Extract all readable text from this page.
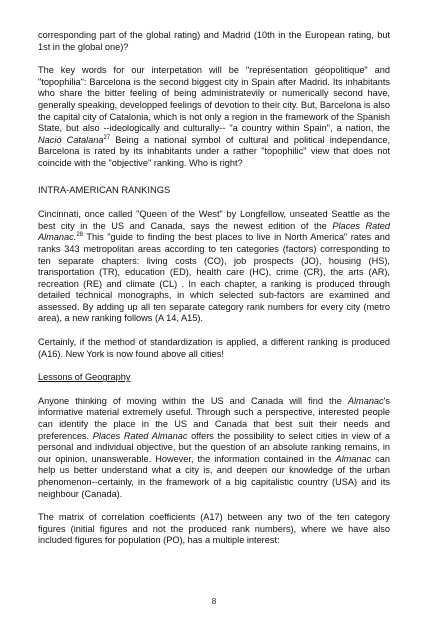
corresponding part of the global rating) and Madrid (10th in the European rating, but 1st in the global one)?

The key words for our interpetation will be "représentation géopolitique" and "topophilia": Barcelona is the second biggest city in Spain after Madrid. Its inhabitants who share the bitter feeling of being administratevily or numerically second have, generally speaking, developped feelings of devotion to their city. But, Barcelona is also the capital city of Catalonia, which is not only a region in the framework of the Spanish State, but also --ideologically and culturally-- "a country within Spain", a nation, the Nació Catalana$^{27}$ Being a national symbol of cultural and political independance, Barcelona is rated by its inhabitants under a rather "topophilic" view that does not coincide with the "objective" ranking. Who is right?

INTRA-AMERICAN RANKINGS

Cincinnati, once called "Queen of the West" by Longfellow, unseated Seattle as the best city in the US and Canada, says the newest edition of the Places Rated Almanac.$^{28}$ This "guide to finding the best places to live in North America" rates and ranks 343 metropolitan areas according to ten categories (factors) corresponding to ten separate chapters: living costs (CO), job prospects (JO), housing (HS), transportation (TR), education (ED), health care (HC), crime (CR), the arts (AR), recreation (RE) and climate (CL) . In each chapter, a ranking is produced through detailed technical monographs, in which selected sub-factors are examined and assessed. By adding up all ten separate category rank numbers for every city (metro area), a new ranking follows (A 14, A15).

Certainly, if the method of standardization is applied, a different ranking is produced (A16). New York is now found above all cities!

Lessons of Geography

Anyone thinking of moving within the US and Canada will find the Almanac's informative material extremely useful. Through such a perspective, interested people can identify the place in the US and Canada that best suit their needs and preferences. Places Rated Almanac offers the possibility to select cities in view of a personal and individual objective, but the question of an absolute ranking remains, in our opinion, unanswerable. However, the information contained in the Almanac can help us better understand what a city is, and deepen our knowledge of the urban phenomenon--certainly, in the framework of a big capitalistic country (USA) and its neighbour (Canada).

The matrix of correlation coefficients (A17) between any two of the ten category figures (initial figures and not the produced rank numbers), where we have also included figures for population (PO), has a multiple interest:

8
